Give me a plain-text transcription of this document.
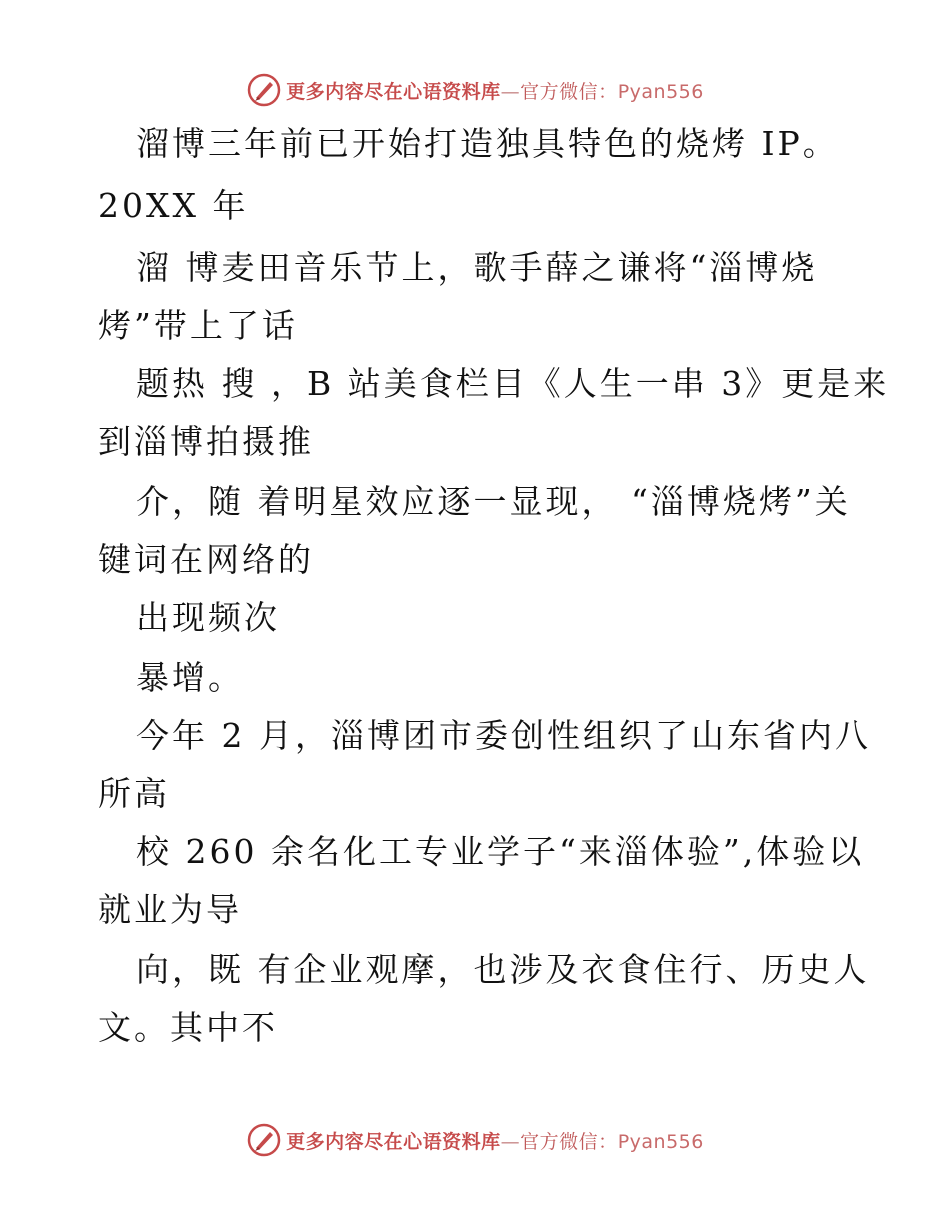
更多内容尽在心语资料库—官方微信：Pyan556
溜博三年前已开始打造独具特色的烧烤 IP。
20XX 年
溜 博麦田音乐节上，歌手薛之谦将“淄博烧
烤”带上了话
题热 搜 ，B 站美食栏目《人生一串 3》更是来
到淄博拍摄推
介，随 着明星效应逐一显现， “淄博烧烤”关
键词在网络的
出现频次
暴增。
今年 2 月，淄博团市委创性组织了山东省内八
所高
校 260 余名化工专业学子“来淄体验”,体验以
就业为导
向，既 有企业观摩，也涉及衣食住行、历史人
文。其中不
更多内容尽在心语资料库—官方微信：Pyan556
